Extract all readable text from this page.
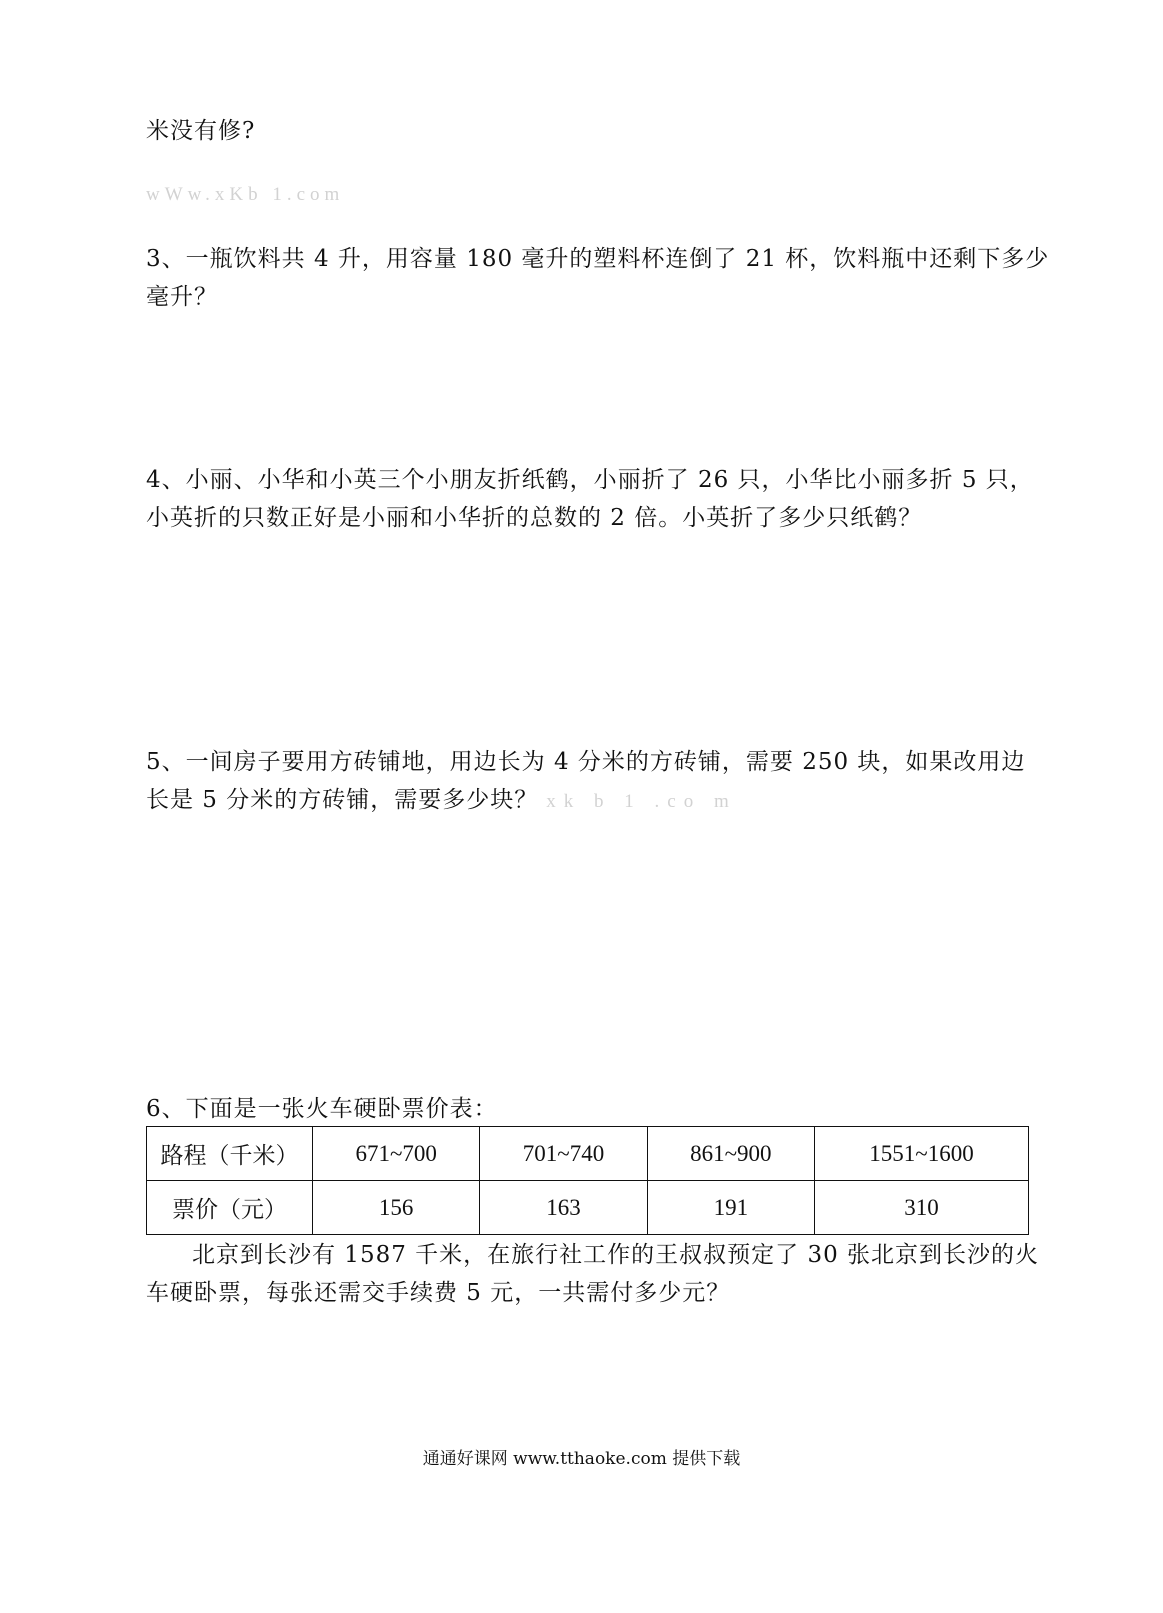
米没有修?
wWw.xKb 1.com
3、一瓶饮料共 4 升，用容量 180 毫升的塑料杯连倒了 21 杯，饮料瓶中还剩下多少
毫升？
4、小丽、小华和小英三个小朋友折纸鹤，小丽折了 26 只，小华比小丽多折 5 只，
小英折的只数正好是小丽和小华折的总数的 2 倍。小英折了多少只纸鹤？
5、一间房子要用方砖铺地，用边长为 4 分米的方砖铺，需要 250 块，如果改用边
长是 5 分米的方砖铺，需要多少块？ xk b 1 .co m
6、下面是一张火车硬卧票价表：
路程（千米）	671~700	701~740	861~900	1551~1600
票价（元）	156	163	191	310
北京到长沙有 1587 千米，在旅行社工作的王叔叔预定了 30 张北京到长沙的火
车硬卧票，每张还需交手续费 5 元，一共需付多少元？
通通好课网 www.tthaoke.com 提供下载
